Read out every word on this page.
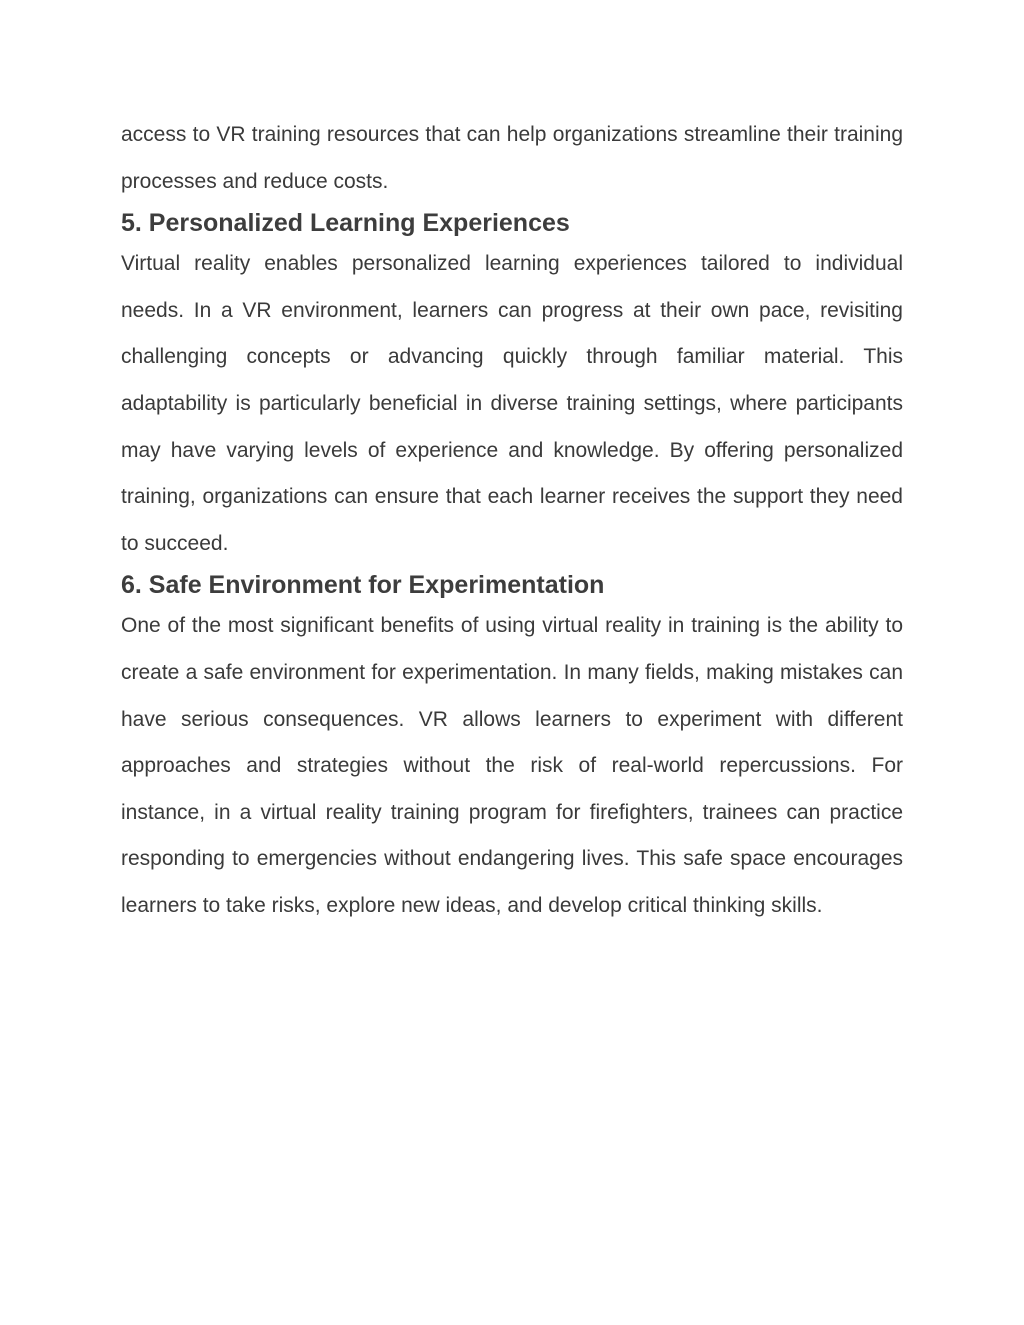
access to VR training resources that can help organizations streamline their training processes and reduce costs.

5. Personalized Learning Experiences

Virtual reality enables personalized learning experiences tailored to individual needs. In a VR environment, learners can progress at their own pace, revisiting challenging concepts or advancing quickly through familiar material. This adaptability is particularly beneficial in diverse training settings, where participants may have varying levels of experience and knowledge. By offering personalized training, organizations can ensure that each learner receives the support they need to succeed.

6. Safe Environment for Experimentation

One of the most significant benefits of using virtual reality in training is the ability to create a safe environment for experimentation. In many fields, making mistakes can have serious consequences. VR allows learners to experiment with different approaches and strategies without the risk of real-world repercussions. For instance, in a virtual reality training program for firefighters, trainees can practice responding to emergencies without endangering lives. This safe space encourages learners to take risks, explore new ideas, and develop critical thinking skills.
